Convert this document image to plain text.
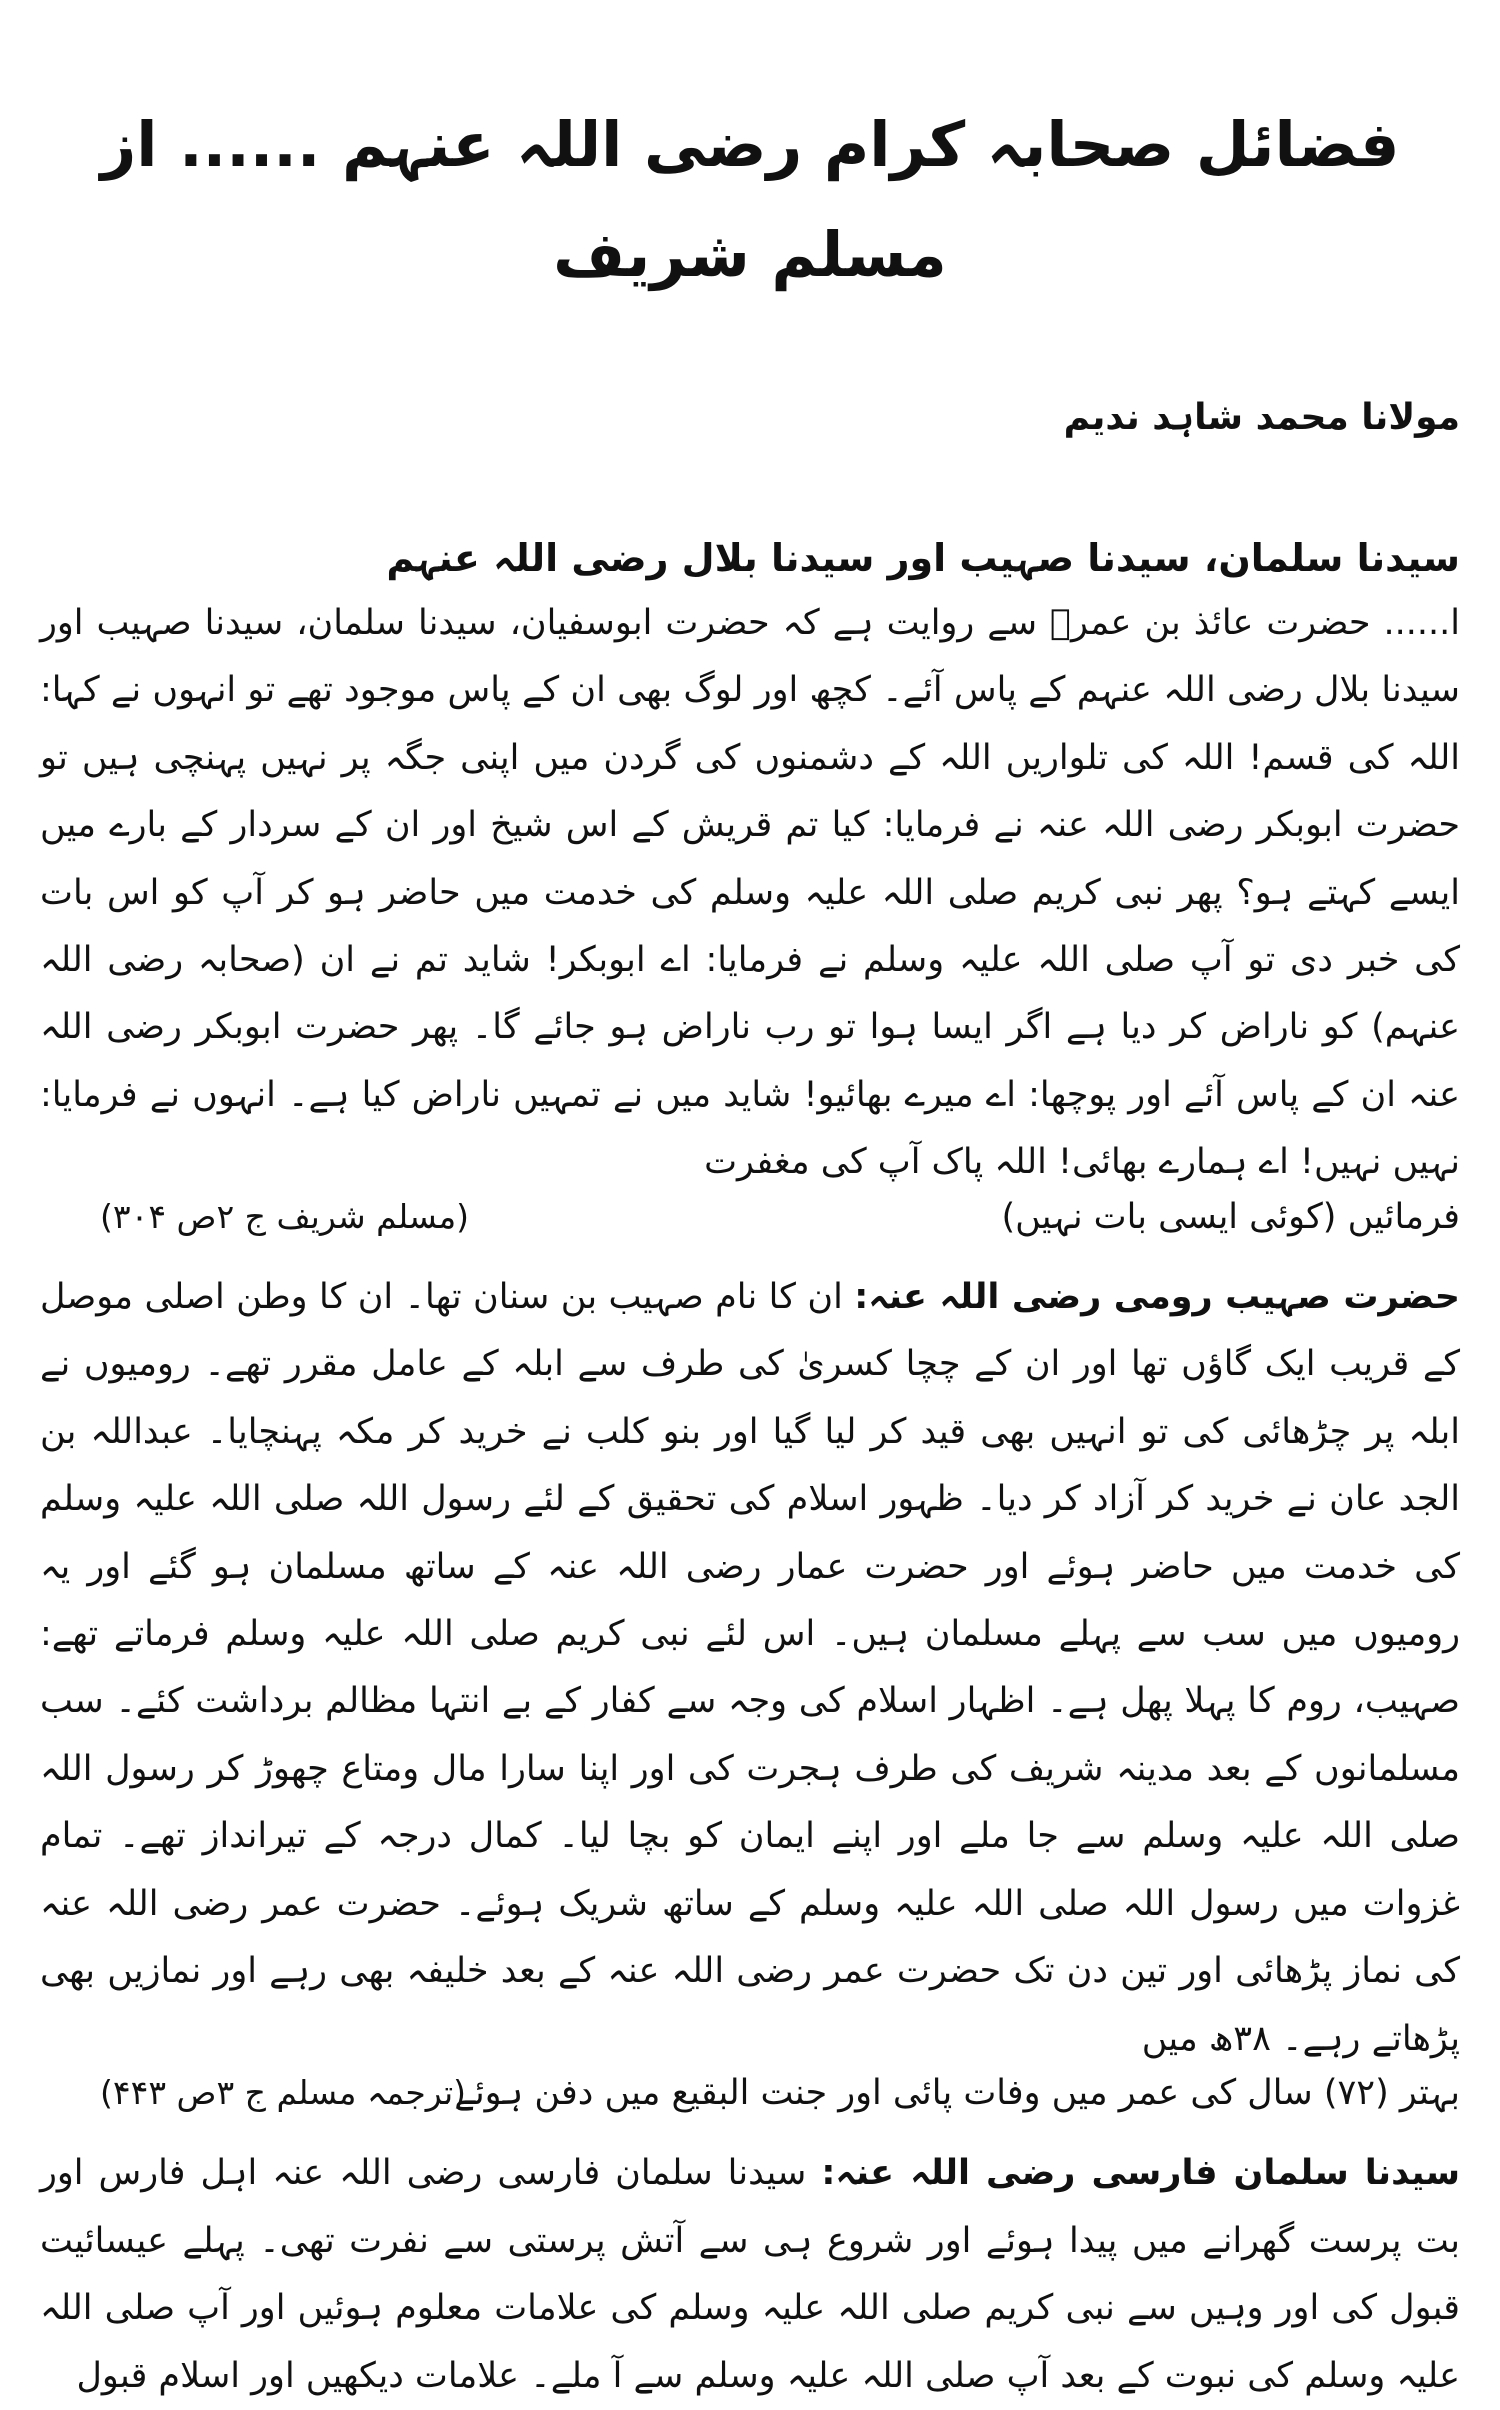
فضائل صحابہ کرام رضی اللہ عنہم ...... از مسلم شریف
مولانا محمد شاہد ندیم
سیدنا سلمان، سیدنا صہیب اور سیدنا بلال رضی اللہ عنہم

ا...... حضرت عائذ بن عمرؓ سے روایت ہے کہ حضرت ابوسفیان، سیدنا سلمان، سیدنا صہیب اور سیدنا بلال رضی اللہ عنہم کے پاس آئے۔ کچھ اور لوگ بھی ان کے پاس موجود تھے تو انہوں نے کہا: اللہ کی قسم! اللہ کی تلواریں اللہ کے دشمنوں کی گردن میں اپنی جگہ پر نہیں پہنچی ہیں تو حضرت ابوبکر رضی اللہ عنہ نے فرمایا: کیا تم قریش کے اس شیخ اور ان کے سردار کے بارے میں ایسے کہتے ہو؟ پھر نبی کریم صلی اللہ علیہ وسلم کی خدمت میں حاضر ہو کر آپ کو اس بات کی خبر دی تو آپ صلی اللہ علیہ وسلم نے فرمایا: اے ابوبکر! شاید تم نے ان (صحابہ رضی اللہ عنہم) کو ناراض کر دیا ہے اگر ایسا ہوا تو رب ناراض ہو جائے گا۔ پھر حضرت ابوبکر رضی اللہ عنہ ان کے پاس آئے اور پوچھا: اے میرے بھائیو! شاید میں نے تمہیں ناراض کیا ہے۔ انہوں نے فرمایا: نہیں نہیں! اے ہمارے بھائی! اللہ پاک آپ کی مغفرت

فرمائیں (کوئی ایسی بات نہیں)
(مسلم شریف ج ۲ص ۳۰۴)

حضرت صہیب رومی رضی اللہ عنہ: ان کا نام صہیب بن سنان تھا۔ ان کا وطن اصلی موصل کے قریب ایک گاؤں تھا اور ان کے چچا کسریٰ کی طرف سے ابلہ کے عامل مقرر تھے۔ رومیوں نے ابلہ پر چڑھائی کی تو انہیں بھی قید کر لیا گیا اور بنو کلب نے خرید کر مکہ پہنچایا۔ عبداللہ بن الجد عان نے خرید کر آزاد کر دیا۔ ظہور اسلام کی تحقیق کے لئے رسول اللہ صلی اللہ علیہ وسلم کی خدمت میں حاضر ہوئے اور حضرت عمار رضی اللہ عنہ کے ساتھ مسلمان ہو گئے اور یہ رومیوں میں سب سے پہلے مسلمان ہیں۔ اس لئے نبی کریم صلی اللہ علیہ وسلم فرماتے تھے: صہیب، روم کا پہلا پھل ہے۔ اظہار اسلام کی وجہ سے کفار کے بے انتہا مظالم برداشت کئے۔ سب مسلمانوں کے بعد مدینہ شریف کی طرف ہجرت کی اور اپنا سارا مال ومتاع چھوڑ کر رسول اللہ صلی اللہ علیہ وسلم سے جا ملے اور اپنے ایمان کو بچا لیا۔ کمال درجہ کے تیرانداز تھے۔ تمام غزوات میں رسول اللہ صلی اللہ علیہ وسلم کے ساتھ شریک ہوئے۔ حضرت عمر رضی اللہ عنہ کی نماز پڑھائی اور تین دن تک حضرت عمر رضی اللہ عنہ کے بعد خلیفہ بھی رہے اور نمازیں بھی پڑھاتے رہے۔ ۳۸ھ میں

بہتر (۷۲) سال کی عمر میں وفات پائی اور جنت البقیع میں دفن ہوئے۔
(ترجمہ مسلم ج ۳ص ۴۴۳)

سیدنا سلمان فارسی رضی اللہ عنہ: سیدنا سلمان فارسی رضی اللہ عنہ اہل فارس اور بت پرست گھرانے میں پیدا ہوئے اور شروع ہی سے آتش پرستی سے نفرت تھی۔ پہلے عیسائیت قبول کی اور وہیں سے نبی کریم صلی اللہ علیہ وسلم کی علامات معلوم ہوئیں اور آپ صلی اللہ علیہ وسلم کی نبوت کے بعد آپ صلی اللہ علیہ وسلم سے آ ملے۔ علامات دیکھیں اور اسلام قبول
